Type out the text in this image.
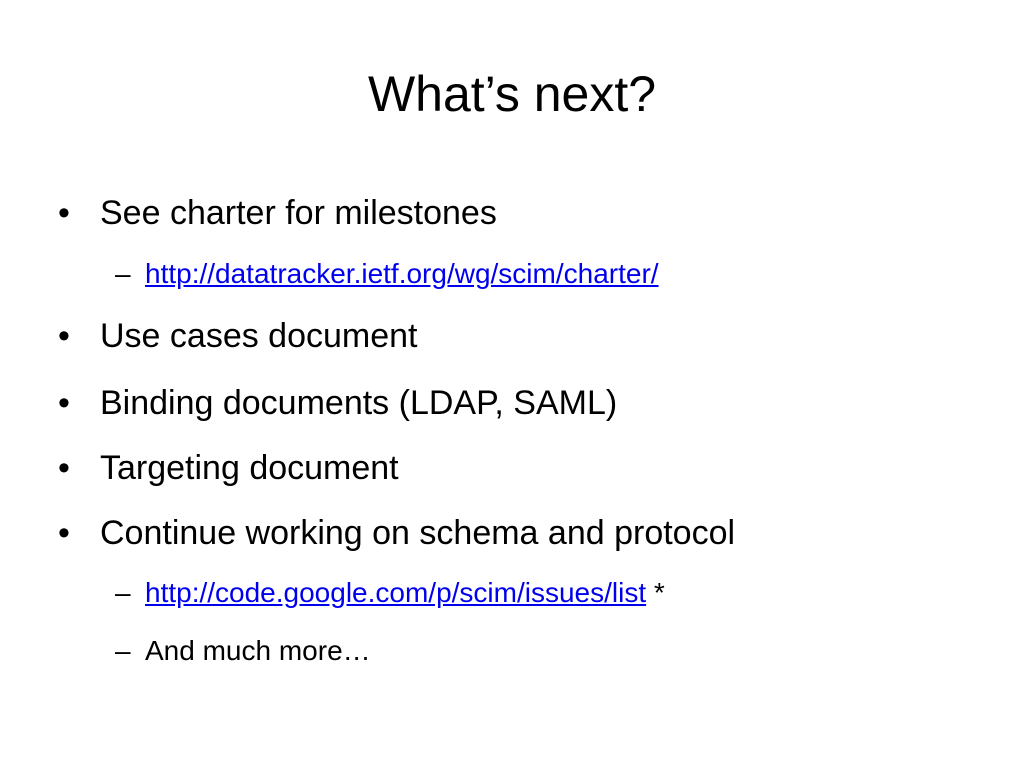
What’s next?
• See charter for milestones
– http://datatracker.ietf.org/wg/scim/charter/
• Use cases document
• Binding documents (LDAP, SAML)
• Targeting document
• Continue working on schema and protocol
– http://code.google.com/p/scim/issues/list *
– And much more…
